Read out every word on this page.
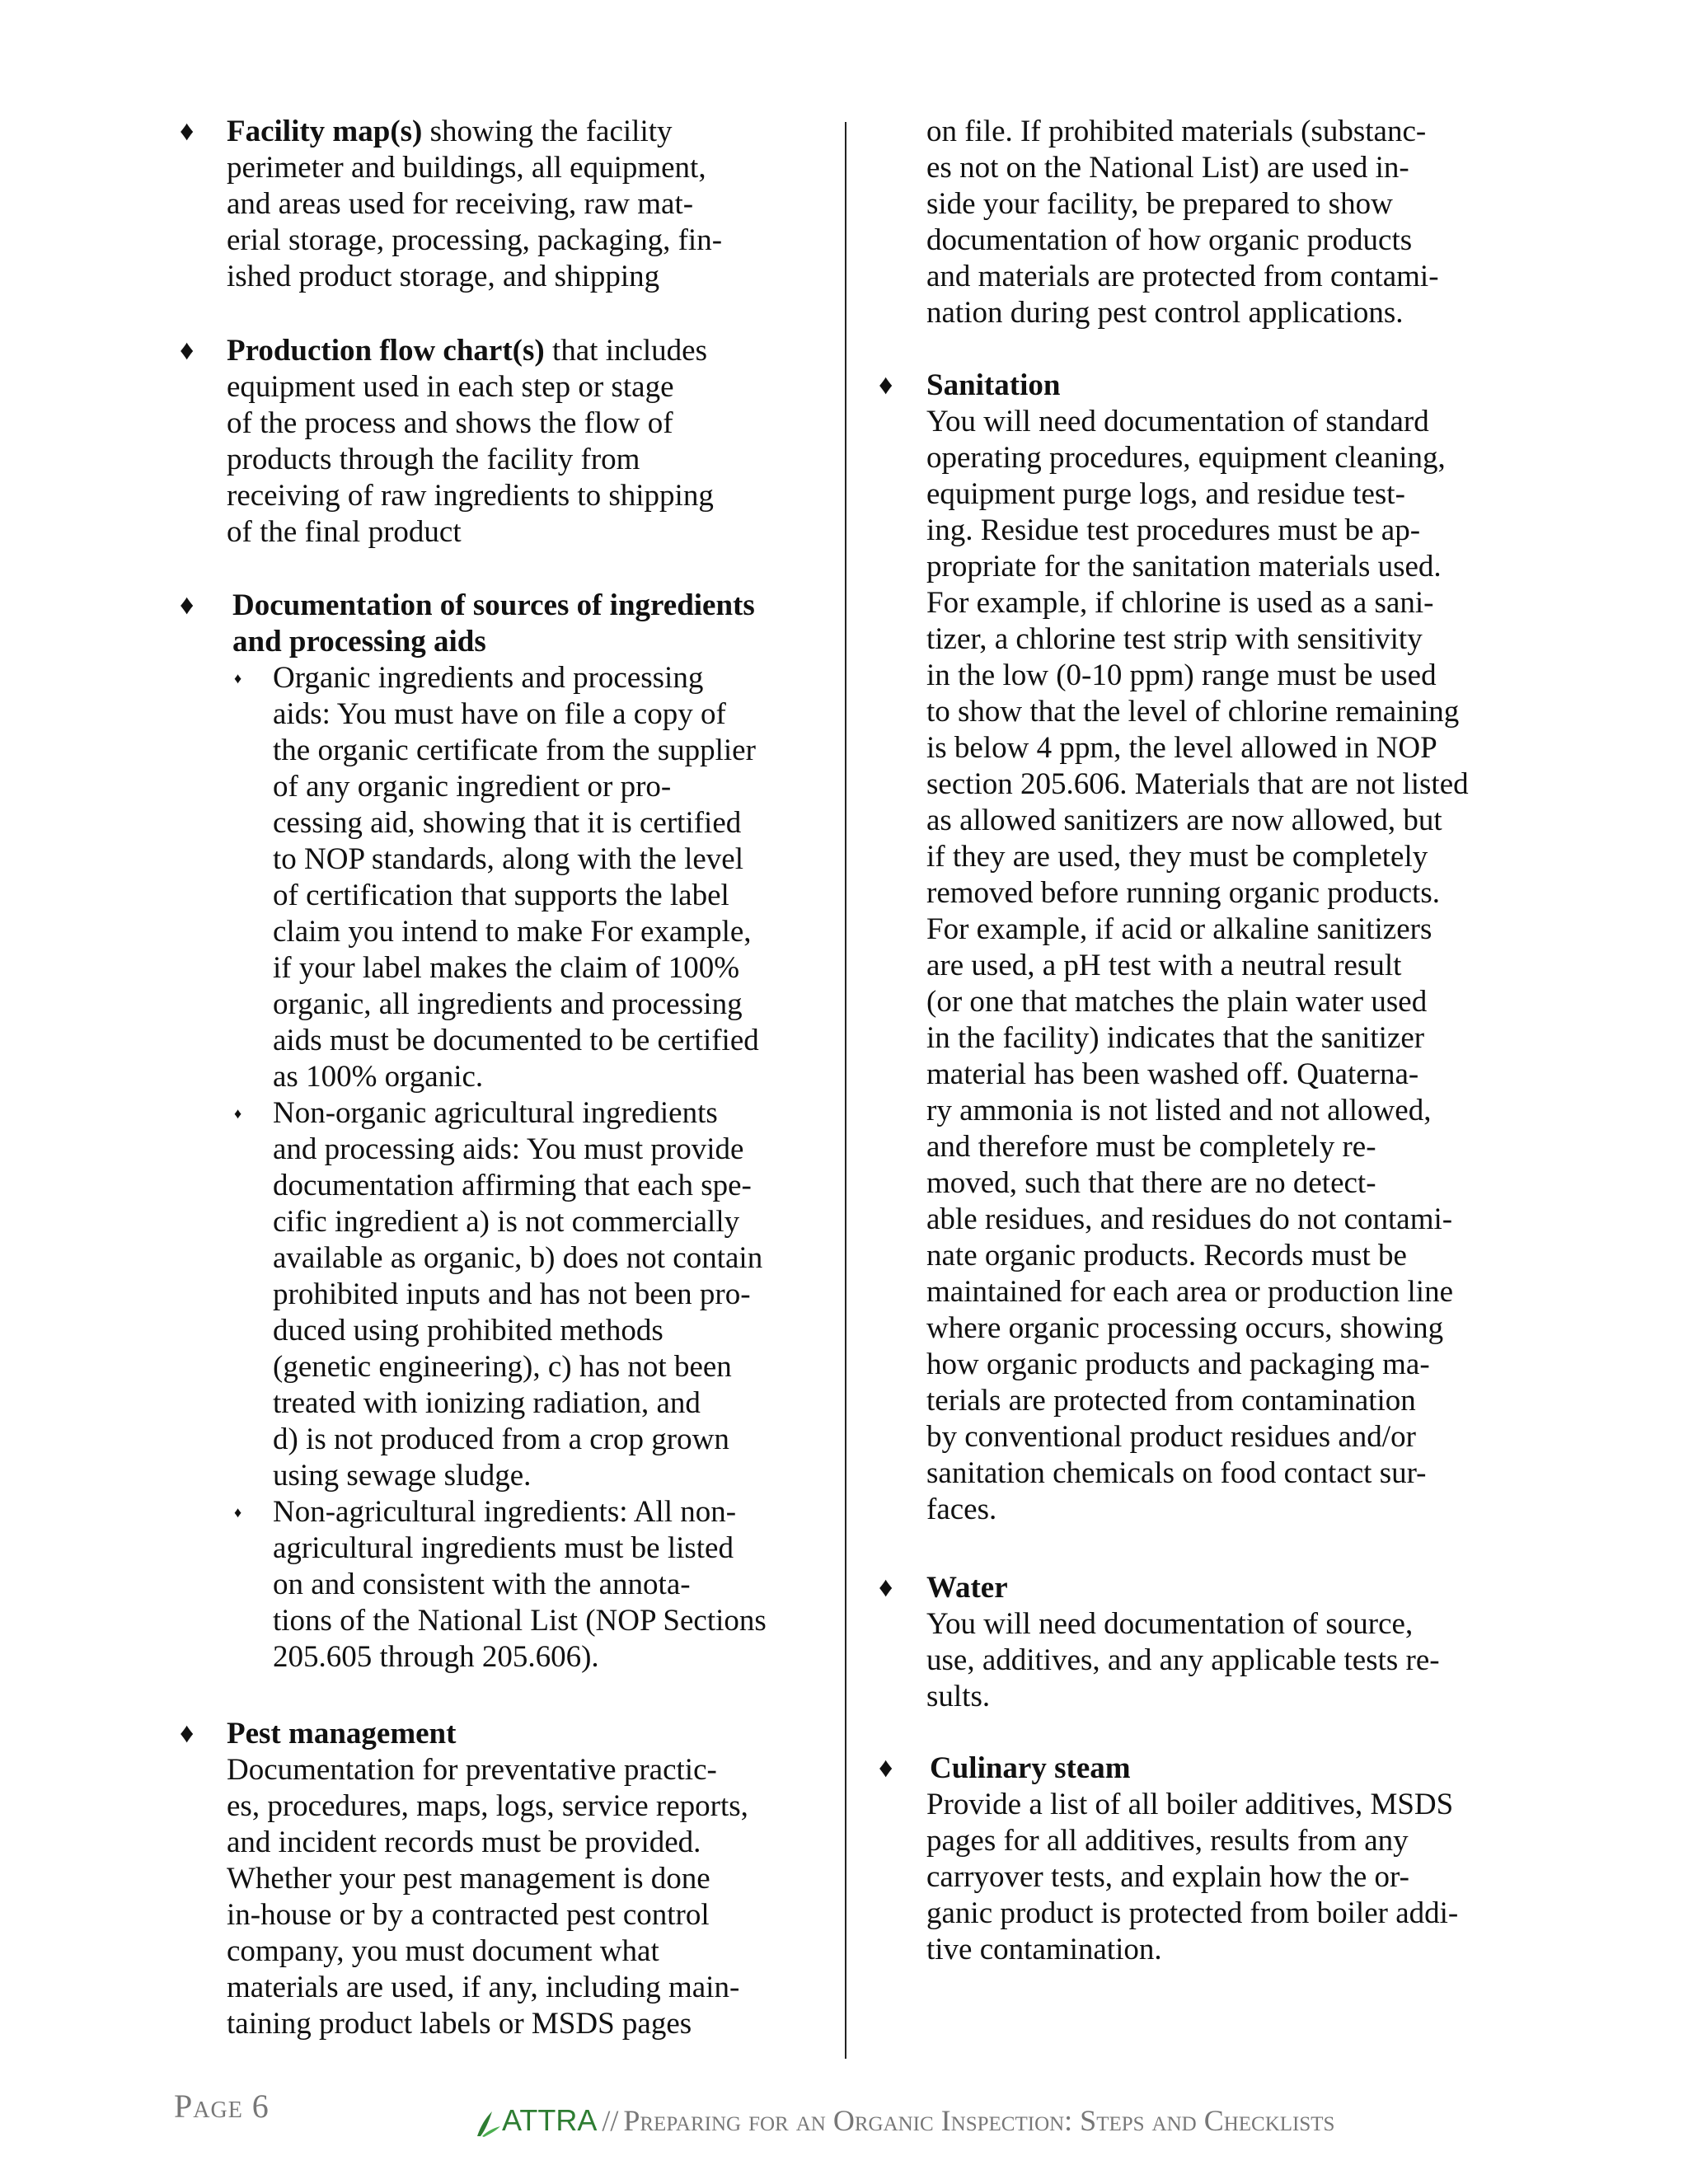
♦ Facility map(s) showing the facility
perimeter and buildings, all equipment,
and areas used for receiving, raw mat-
erial storage, processing, packaging, fin-
ished product storage, and shipping
♦ Production flow chart(s) that includes
equipment used in each step or stage
of the process and shows the flow of
products through the facility from
receiving of raw ingredients to shipping
of the final product
♦ Documentation of sources of ingredients
and processing aids
♦ Organic ingredients and processing
aids: You must have on file a copy of
the organic certificate from the supplier
of any organic ingredient or pro-
cessing aid, showing that it is certified
to NOP standards, along with the level
of certification that supports the label
claim you intend to make For example,
if your label makes the claim of 100%
organic, all ingredients and processing
aids must be documented to be certified
as 100% organic.
♦ Non-organic agricultural ingredients
and processing aids: You must provide
documentation affirming that each spe-
cific ingredient a) is not commercially
available as organic, b) does not contain
prohibited inputs and has not been pro-
duced using prohibited methods
(genetic engineering), c) has not been
treated with ionizing radiation, and
d) is not produced from a crop grown
using sewage sludge.
♦ Non-agricultural ingredients: All non-
agricultural ingredients must be listed
on and consistent with the annota-
tions of the National List (NOP Sections
205.605 through 205.606).
♦ Pest management
Documentation for preventative practic-
es, procedures, maps, logs, service reports,
and incident records must be provided.
Whether your pest management is done
in-house or by a contracted pest control
company, you must document what
materials are used, if any, including main-
taining product labels or MSDS pages
on file. If prohibited materials (substanc-
es not on the National List) are used in-
side your facility, be prepared to show
documentation of how organic products
and materials are protected from contami-
nation during pest control applications.
♦ Sanitation
You will need documentation of standard
operating procedures, equipment cleaning,
equipment purge logs, and residue test-
ing. Residue test procedures must be ap-
propriate for the sanitation materials used.
For example, if chlorine is used as a sani-
tizer, a chlorine test strip with sensitivity
in the low (0-10 ppm) range must be used
to show that the level of chlorine remaining
is below 4 ppm, the level allowed in NOP
section 205.606. Materials that are not listed
as allowed sanitizers are now allowed, but
if they are used, they must be completely
removed before running organic products.
For example, if acid or alkaline sanitizers
are used, a pH test with a neutral result
(or one that matches the plain water used
in the facility) indicates that the sanitizer
material has been washed off. Quaterna-
ry ammonia is not listed and not allowed,
and therefore must be completely re-
moved, such that there are no detect-
able residues, and residues do not contami-
nate organic products. Records must be
maintained for each area or production line
where organic processing occurs, showing
how organic products and packaging ma-
terials are protected from contamination
by conventional product residues and/or
sanitation chemicals on food contact sur-
faces.
♦ Water
You will need documentation of source,
use, additives, and any applicable tests re-
sults.
♦ Culinary steam
Provide a list of all boiler additives, MSDS
pages for all additives, results from any
carryover tests, and explain how the or-
ganic product is protected from boiler addi-
tive contamination.
Page 6	ATTRA // Preparing for an Organic Inspection: Steps and Checklists
